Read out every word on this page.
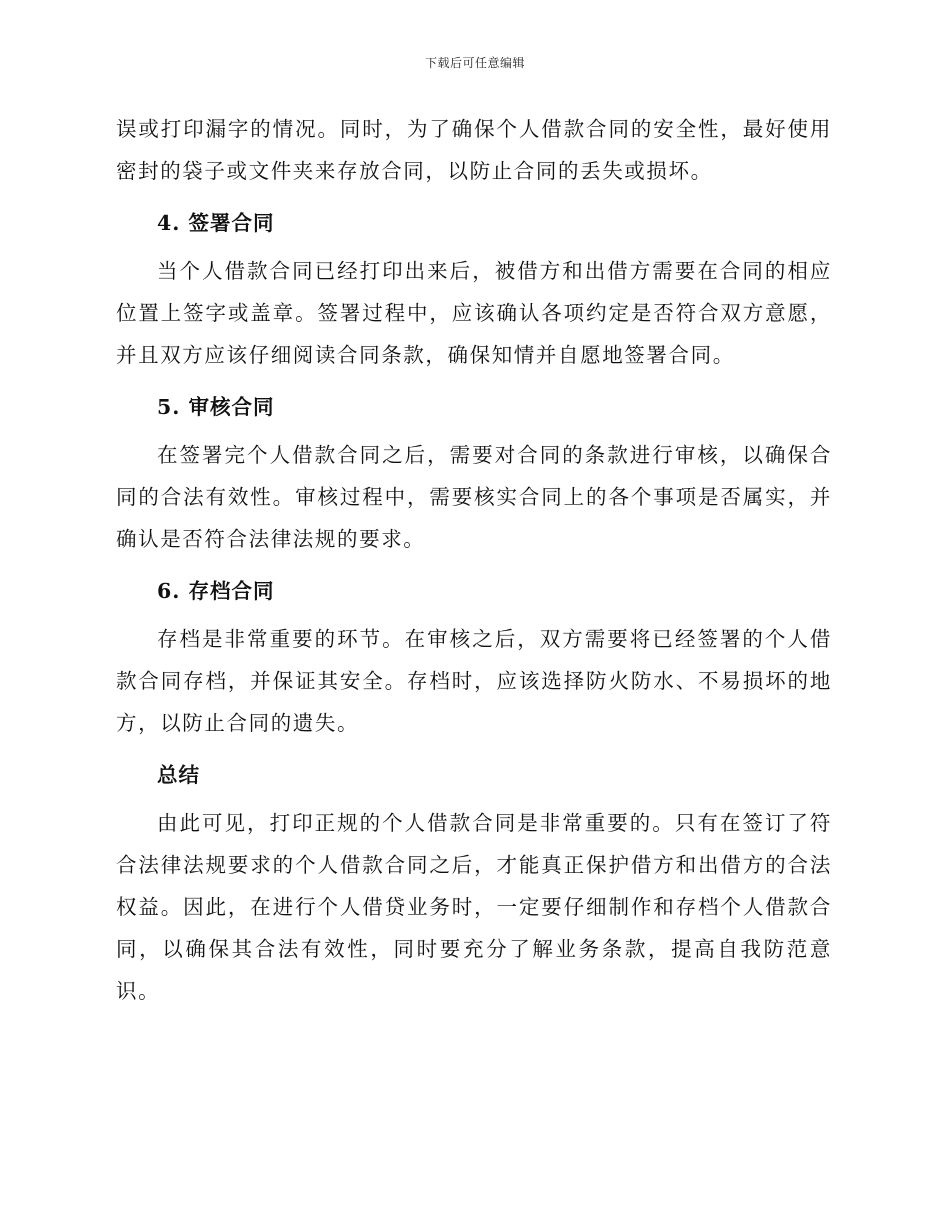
下载后可任意编辑

误或打印漏字的情况。同时，为了确保个人借款合同的安全性，最好使用密封的袋子或文件夹来存放合同，以防止合同的丢失或损坏。

4. 签署合同

当个人借款合同已经打印出来后，被借方和出借方需要在合同的相应位置上签字或盖章。签署过程中，应该确认各项约定是否符合双方意愿，并且双方应该仔细阅读合同条款，确保知情并自愿地签署合同。

5. 审核合同

在签署完个人借款合同之后，需要对合同的条款进行审核，以确保合同的合法有效性。审核过程中，需要核实合同上的各个事项是否属实，并确认是否符合法律法规的要求。

6. 存档合同

存档是非常重要的环节。在审核之后，双方需要将已经签署的个人借款合同存档，并保证其安全。存档时，应该选择防火防水、不易损坏的地方，以防止合同的遗失。

总结

由此可见，打印正规的个人借款合同是非常重要的。只有在签订了符合法律法规要求的个人借款合同之后，才能真正保护借方和出借方的合法权益。因此，在进行个人借贷业务时，一定要仔细制作和存档个人借款合同，以确保其合法有效性，同时要充分了解业务条款，提高自我防范意识。
